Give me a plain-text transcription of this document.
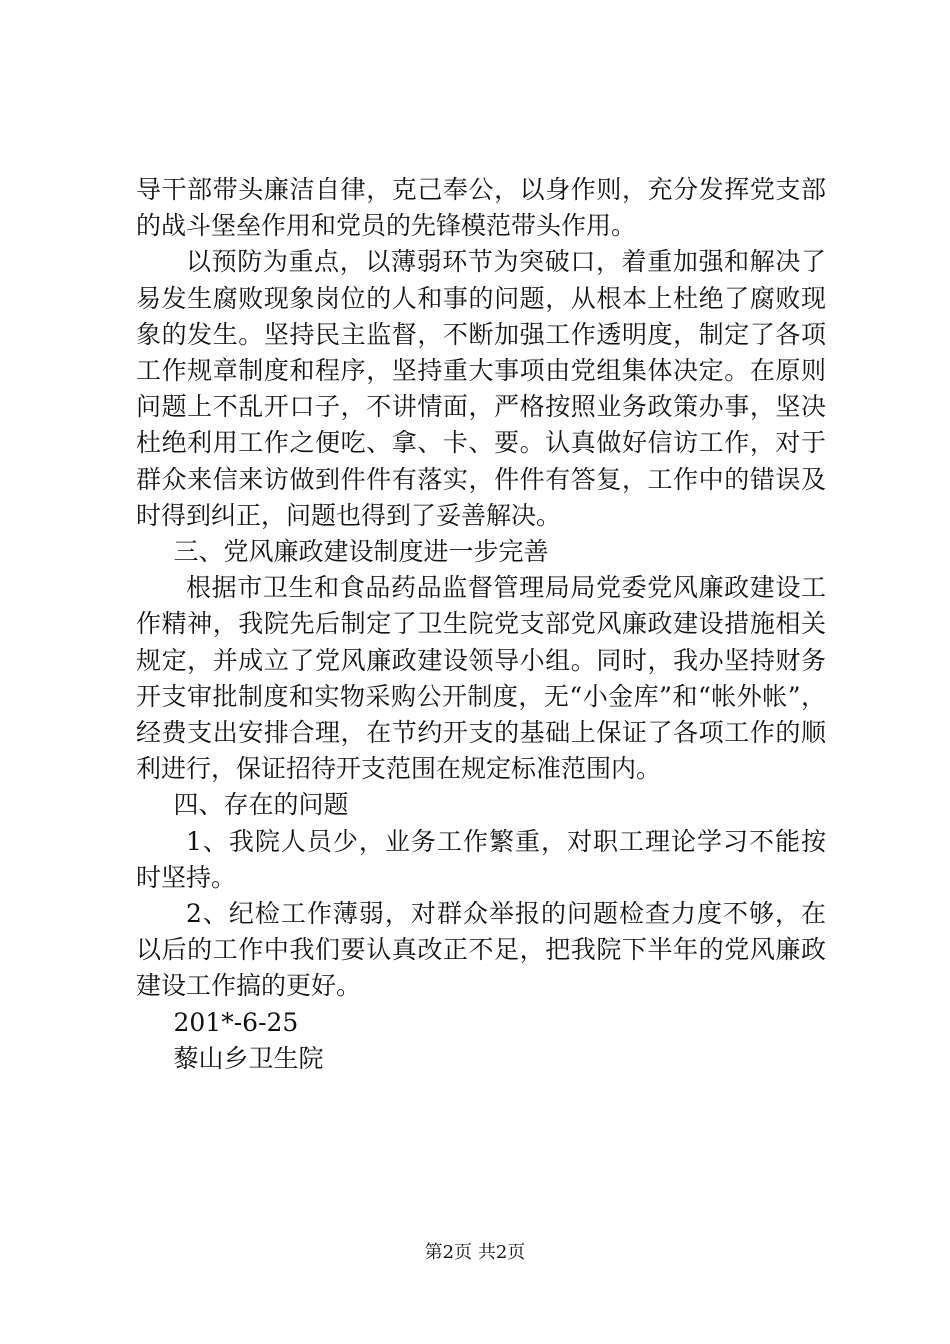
导干部带头廉洁自律，克己奉公，以身作则，充分发挥党支部的战斗堡垒作用和党员的先锋模范带头作用。

以预防为重点，以薄弱环节为突破口，着重加强和解决了易发生腐败现象岗位的人和事的问题，从根本上杜绝了腐败现象的发生。坚持民主监督，不断加强工作透明度，制定了各项工作规章制度和程序，坚持重大事项由党组集体决定。在原则问题上不乱开口子，不讲情面，严格按照业务政策办事，坚决杜绝利用工作之便吃、拿、卡、要。认真做好信访工作，对于群众来信来访做到件件有落实，件件有答复，工作中的错误及时得到纠正，问题也得到了妥善解决。

三、党风廉政建设制度进一步完善

根据市卫生和食品药品监督管理局局党委党风廉政建设工作精神，我院先后制定了卫生院党支部党风廉政建设措施相关规定，并成立了党风廉政建设领导小组。同时，我办坚持财务开支审批制度和实物采购公开制度，无“小金库”和“帐外帐”，经费支出安排合理，在节约开支的基础上保证了各项工作的顺利进行，保证招待开支范围在规定标准范围内。

四、存在的问题

1、我院人员少，业务工作繁重，对职工理论学习不能按时坚持。

2、纪检工作薄弱，对群众举报的问题检查力度不够，在以后的工作中我们要认真改正不足，把我院下半年的党风廉政建设工作搞的更好。

201*-6-25

藜山乡卫生院

第2页 共2页
